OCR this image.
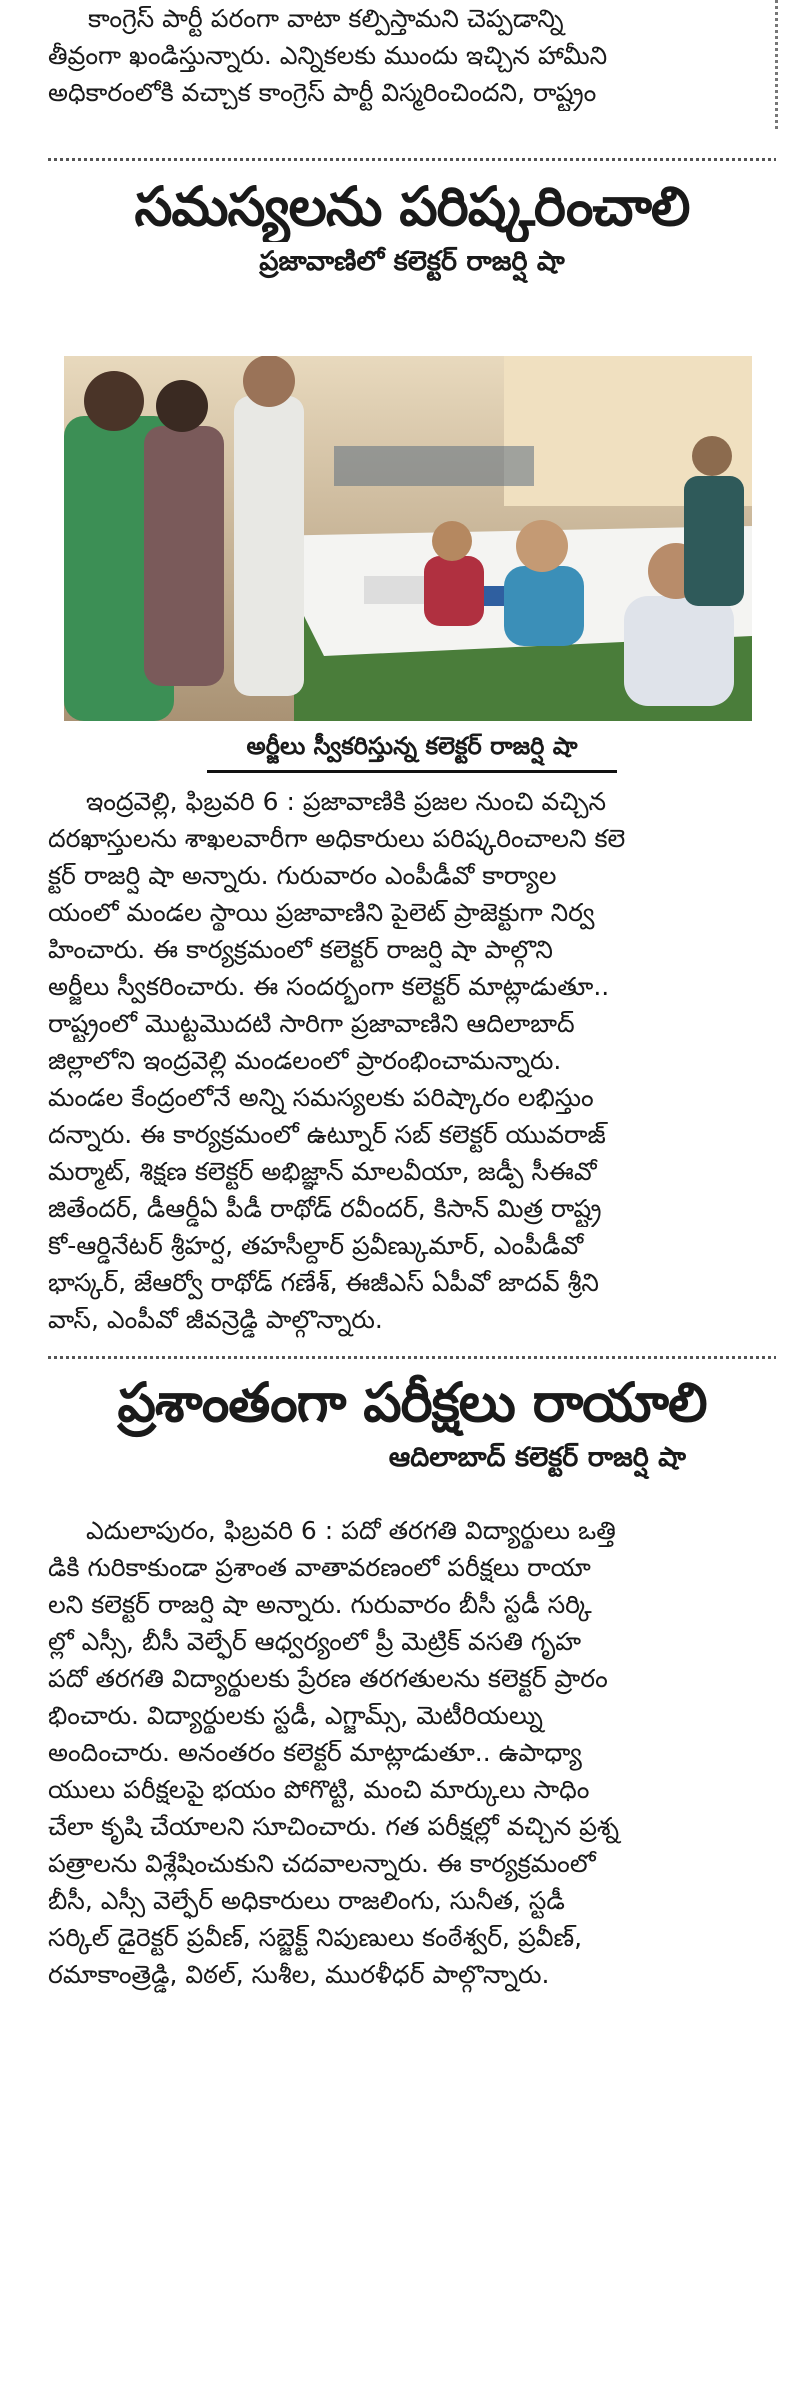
కాంగ్రెస్ పార్టీ పరంగా వాటా కల్పిస్తామని చెప్పడాన్ని
తీవ్రంగా ఖండిస్తున్నారు. ఎన్నికలకు ముందు ఇచ్చిన హామీని
అధికారంలోకి వచ్చాక కాంగ్రెస్ పార్టీ విస్మరించిందని, రాష్ట్రం
సమస్యలను పరిష్కరించాలి
ప్రజావాణిలో కలెక్టర్ రాజర్షి షా
అర్జీలు స్వీకరిస్తున్న కలెక్టర్ రాజర్షి షా
ఇంద్రవెల్లి, ఫిబ్రవరి 6 : ప్రజావాణికి ప్రజల నుంచి వచ్చిన
దరఖాస్తులను శాఖలవారీగా అధికారులు పరిష్కరించాలని కలె
క్టర్ రాజర్షి షా అన్నారు. గురువారం ఎంపీడీవో కార్యాల
యంలో మండల స్థాయి ప్రజావాణిని పైలెట్ ప్రాజెక్టుగా నిర్వ
హించారు. ఈ కార్యక్రమంలో కలెక్టర్ రాజర్షి షా పాల్గొని
అర్జీలు స్వీకరించారు. ఈ సందర్భంగా కలెక్టర్ మాట్లాడుతూ..
రాష్ట్రంలో మొట్టమొదటి సారిగా ప్రజావాణిని ఆదిలాబాద్
జిల్లాలోని ఇంద్రవెల్లి మండలంలో ప్రారంభించామన్నారు.
మండల కేంద్రంలోనే అన్ని సమస్యలకు పరిష్కారం లభిస్తుం
దన్నారు. ఈ కార్యక్రమంలో ఉట్నూర్ సబ్ కలెక్టర్ యువరాజ్
మర్మాట్, శిక్షణ కలెక్టర్ అభిజ్ఞాన్ మాలవీయా, జడ్పీ సీఈవో
జితేందర్, డీఆర్డీఏ పీడీ రాథోడ్ రవీందర్, కిసాన్ మిత్ర రాష్ట్ర
కో-ఆర్డినేటర్ శ్రీహర్ష, తహసీల్దార్ ప్రవీణ్కుమార్, ఎంపీడీవో
భాస్కర్, జేఆర్వో రాథోడ్ గణేశ్, ఈజీఎస్ ఏపీవో జాదవ్ శ్రీని
వాస్, ఎంపీవో జీవన్రెడ్డి పాల్గొన్నారు.
ప్రశాంతంగా పరీక్షలు రాయాలి
ఆదిలాబాద్ కలెక్టర్ రాజర్షి షా
ఎదులాపురం, ఫిబ్రవరి 6 : పదో తరగతి విద్యార్థులు ఒత్తి
డికి గురికాకుండా ప్రశాంత వాతావరణంలో పరీక్షలు రాయా
లని కలెక్టర్ రాజర్షి షా అన్నారు. గురువారం బీసీ స్టడీ సర్కి
ల్లో ఎస్సీ, బీసీ వెల్ఫేర్ ఆధ్వర్యంలో ప్రీ మెట్రిక్ వసతి గృహ
పదో తరగతి విద్యార్థులకు ప్రేరణ తరగతులను కలెక్టర్ ప్రారం
భించారు. విద్యార్థులకు స్టడీ, ఎగ్జామ్స్, మెటీరియల్ను
అందించారు. అనంతరం కలెక్టర్ మాట్లాడుతూ.. ఉపాధ్యా
యులు పరీక్షలపై భయం పోగొట్టి, మంచి మార్కులు సాధిం
చేలా కృషి చేయాలని సూచించారు. గత పరీక్షల్లో వచ్చిన ప్రశ్న
పత్రాలను విశ్లేషించుకుని చదవాలన్నారు. ఈ కార్యక్రమంలో
బీసీ, ఎస్సీ వెల్ఫేర్ అధికారులు రాజలింగు, సునీత, స్టడీ
సర్కిల్ డైరెక్టర్ ప్రవీణ్, సబ్జెక్ట్ నిపుణులు కంఠేశ్వర్, ప్రవీణ్,
రమాకాంత్రెడ్డి, విఠల్, సుశీల, మురళీధర్ పాల్గొన్నారు.
